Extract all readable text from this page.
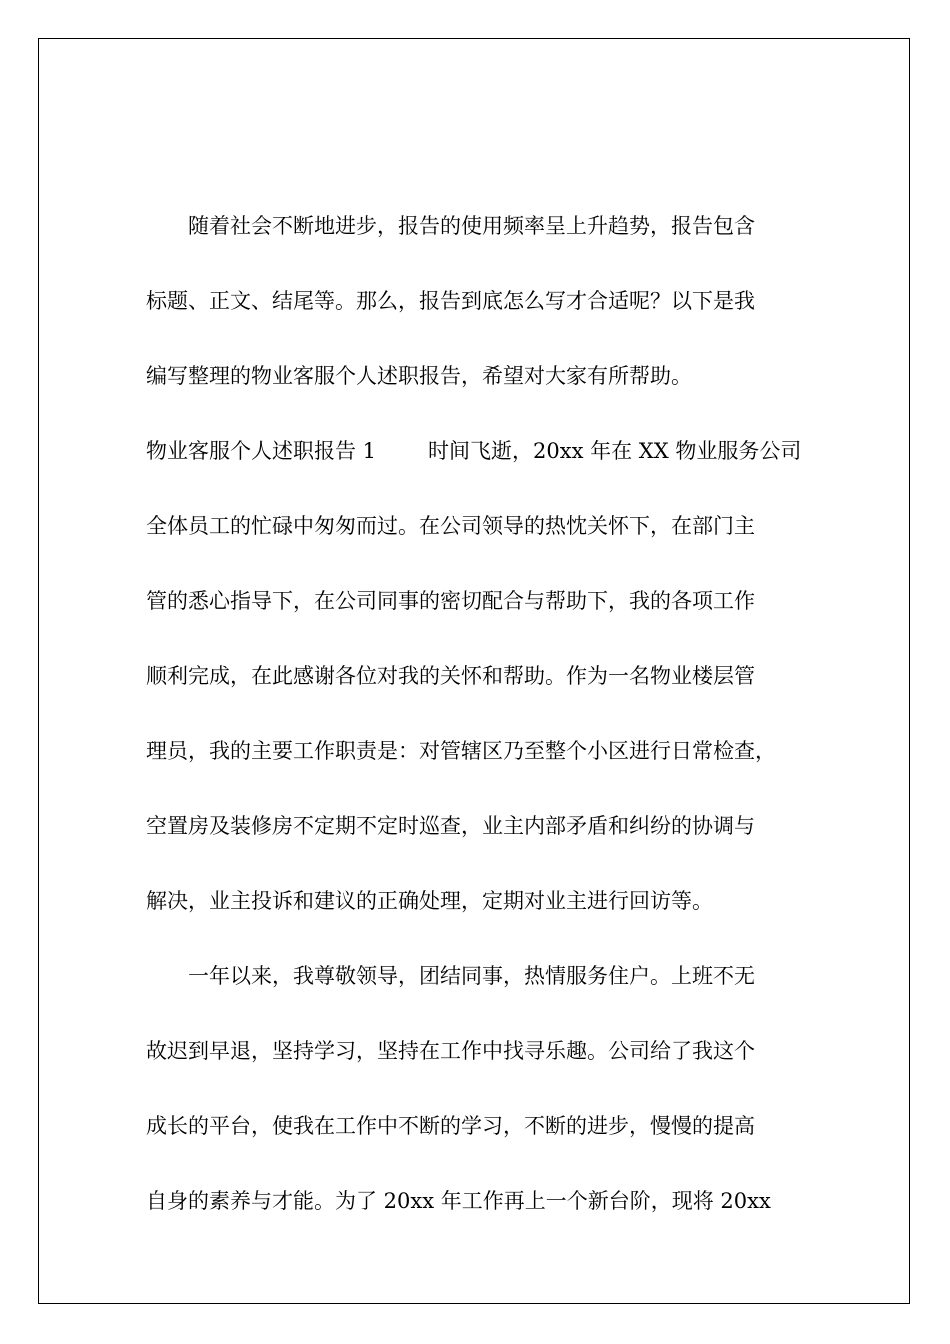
随着社会不断地进步，报告的使用频率呈上升趋势，报告包含
标题、正文、结尾等。那么，报告到底怎么写才合适呢？以下是我
编写整理的物业客服个人述职报告，希望对大家有所帮助。
物业客服个人述职报告 1 时间飞逝，20xx 年在 XX 物业服务公司
全体员工的忙碌中匆匆而过。在公司领导的热忱关怀下，在部门主
管的悉心指导下，在公司同事的密切配合与帮助下，我的各项工作
顺利完成，在此感谢各位对我的关怀和帮助。作为一名物业楼层管
理员，我的主要工作职责是：对管辖区乃至整个小区进行日常检查，
空置房及装修房不定期不定时巡查，业主内部矛盾和纠纷的协调与
解决，业主投诉和建议的正确处理，定期对业主进行回访等。
一年以来，我尊敬领导，团结同事，热情服务住户。上班不无
故迟到早退，坚持学习，坚持在工作中找寻乐趣。公司给了我这个
成长的平台，使我在工作中不断的学习，不断的进步，慢慢的提高
自身的素养与才能。为了 20xx 年工作再上一个新台阶，现将 20xx
